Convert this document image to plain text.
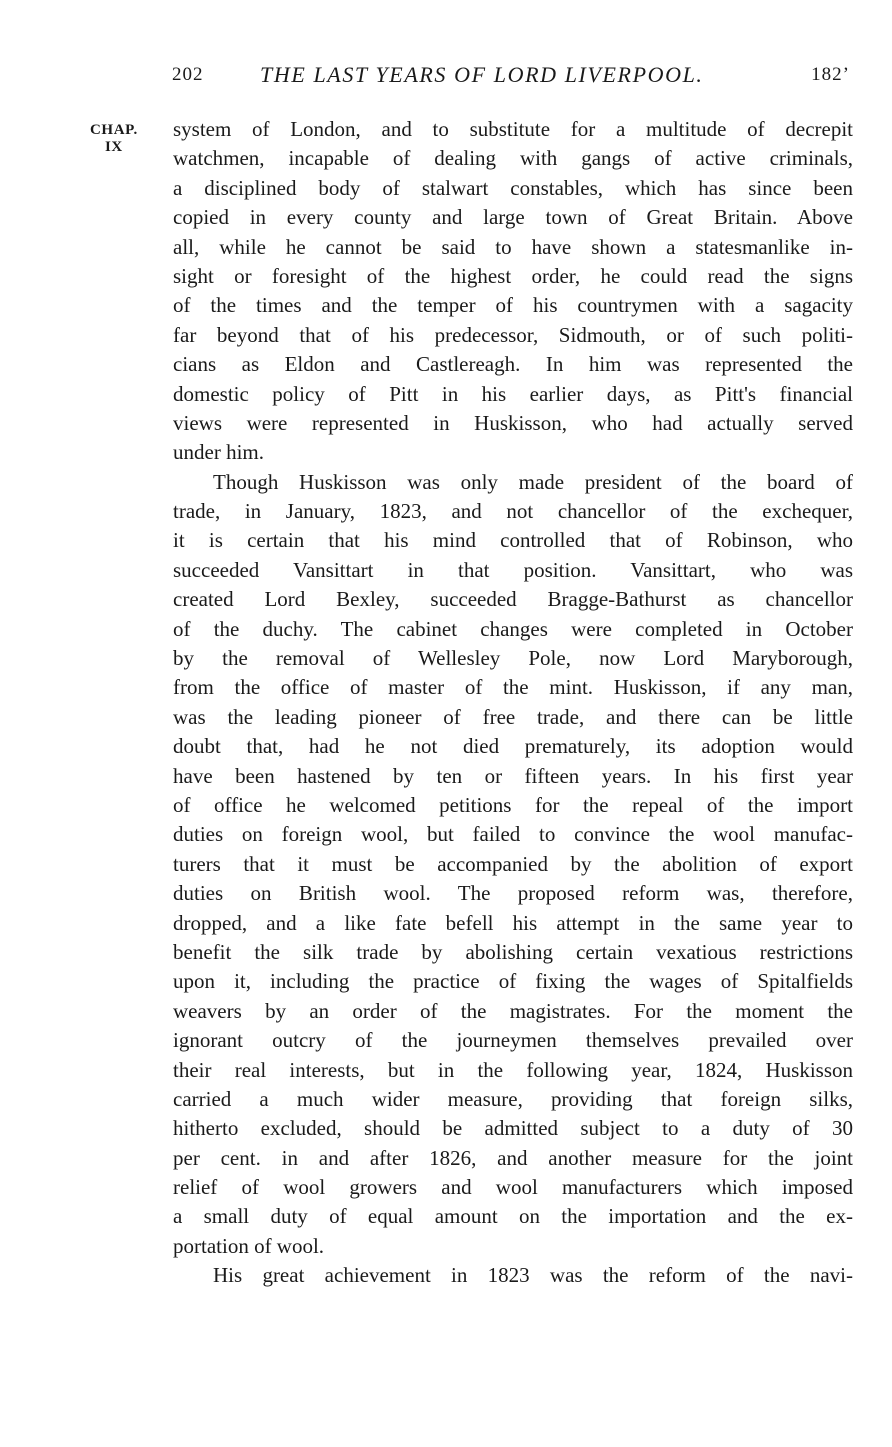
202	THE LAST YEARS OF LORD LIVERPOOL.	182’
CHAP.
IX
system of London, and to substitute for a multitude of decrepit
watchmen, incapable of dealing with gangs of active criminals,
a disciplined body of stalwart constables, which has since been
copied in every county and large town of Great Britain. Above
all, while he cannot be said to have shown a statesmanlike in-
sight or foresight of the highest order, he could read the signs
of the times and the temper of his countrymen with a sagacity
far beyond that of his predecessor, Sidmouth, or of such politi-
cians as Eldon and Castlereagh. In him was represented the
domestic policy of Pitt in his earlier days, as Pitt's financial
views were represented in Huskisson, who had actually served
under him.
Though Huskisson was only made president of the board of
trade, in January, 1823, and not chancellor of the exchequer,
it is certain that his mind controlled that of Robinson, who
succeeded Vansittart in that position. Vansittart, who was
created Lord Bexley, succeeded Bragge-Bathurst as chancellor
of the duchy. The cabinet changes were completed in October
by the removal of Wellesley Pole, now Lord Maryborough,
from the office of master of the mint. Huskisson, if any man,
was the leading pioneer of free trade, and there can be little
doubt that, had he not died prematurely, its adoption would
have been hastened by ten or fifteen years. In his first year
of office he welcomed petitions for the repeal of the import
duties on foreign wool, but failed to convince the wool manufac-
turers that it must be accompanied by the abolition of export
duties on British wool. The proposed reform was, therefore,
dropped, and a like fate befell his attempt in the same year to
benefit the silk trade by abolishing certain vexatious restrictions
upon it, including the practice of fixing the wages of Spitalfields
weavers by an order of the magistrates. For the moment the
ignorant outcry of the journeymen themselves prevailed over
their real interests, but in the following year, 1824, Huskisson
carried a much wider measure, providing that foreign silks,
hitherto excluded, should be admitted subject to a duty of 30
per cent. in and after 1826, and another measure for the joint
relief of wool growers and wool manufacturers which imposed
a small duty of equal amount on the importation and the ex-
portation of wool.
His great achievement in 1823 was the reform of the navi-
